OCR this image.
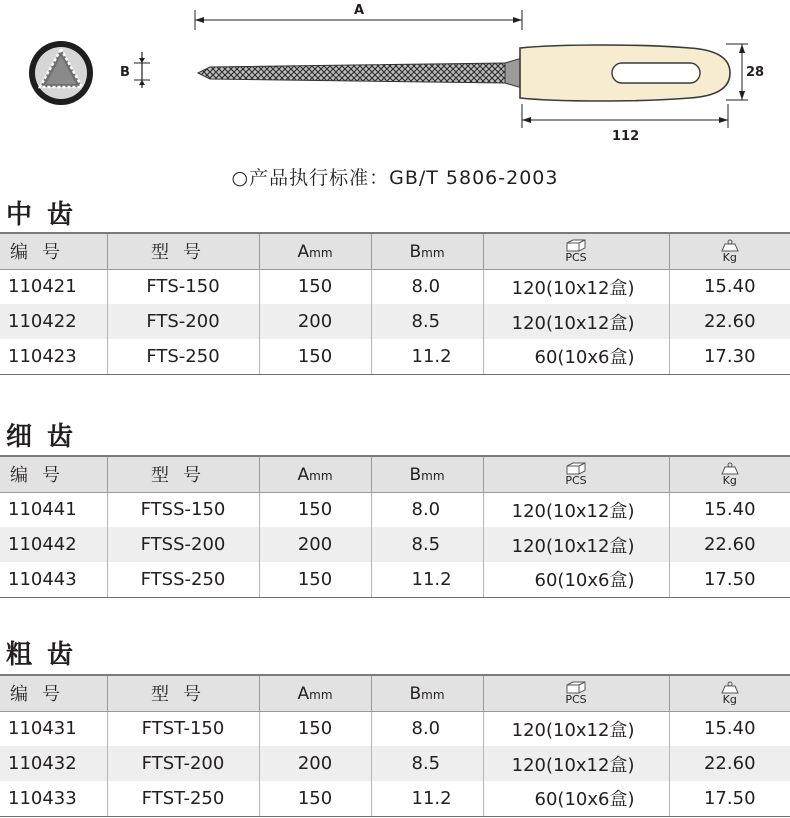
B
A
28
112
○产品执行标准：GB/T 5806-2003
中 齿
编号	型号	Amm	Bmm	PCS	Kg

110421	FTS-150	150	8.0	120(10x12盒)	15.40
110422	FTS-200	200	8.5	120(10x12盒)	22.60
110423	FTS-250	150	11.2	60(10x6盒)	17.30
细 齿
编号	型号	Amm	Bmm	PCS	Kg

110441	FTSS-150	150	8.0	120(10x12盒)	15.40
110442	FTSS-200	200	8.5	120(10x12盒)	22.60
110443	FTSS-250	150	11.2	60(10x6盒)	17.50
粗 齿
编号	型号	Amm	Bmm	PCS	Kg

110431	FTST-150	150	8.0	120(10x12盒)	15.40
110432	FTST-200	200	8.5	120(10x12盒)	22.60
110433	FTST-250	150	11.2	60(10x6盒)	17.50
